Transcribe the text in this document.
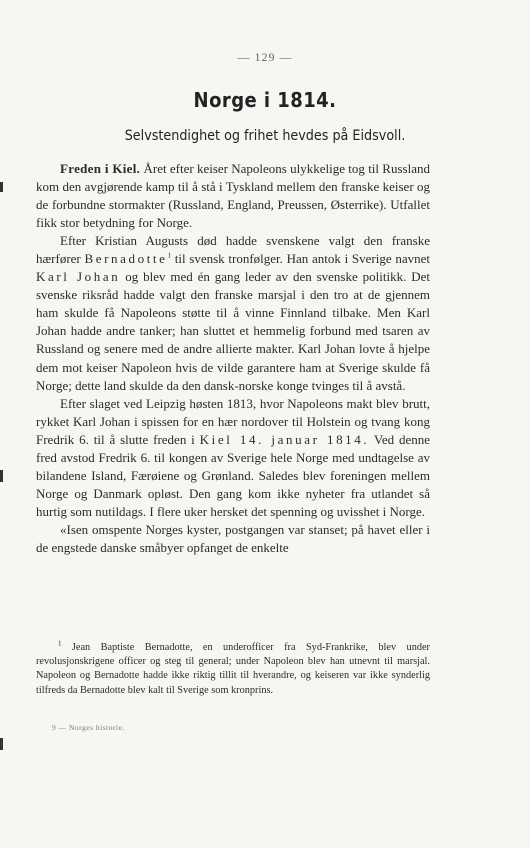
— 129 —
Norge i 1814.
Selvstendighet og frihet hevdes på Eidsvoll.

Freden i Kiel. Året efter keiser Napoleons ulykkelige tog til Russland kom den avgjørende kamp til å stå i Tyskland mellem den franske keiser og de forbundne stormakter (Russland, England, Preussen, Østerrike). Utfallet fikk stor betydning for Norge.

Efter Kristian Augusts død hadde svenskene valgt den franske hærfører Bernadotte$^1$ til svensk tronfølger. Han antok i Sverige navnet Karl Johan og blev med én gang leder av den svenske politikk. Det svenske riksråd hadde valgt den franske marsjal i den tro at de gjennem ham skulde få Napoleons støtte til å vinne Finnland tilbake. Men Karl Johan hadde andre tanker; han sluttet et hemmelig forbund med tsaren av Russland og senere med de andre allierte makter. Karl Johan lovte å hjelpe dem mot keiser Napoleon hvis de vilde garantere ham at Sverige skulde få Norge; dette land skulde da den dansk-norske konge tvinges til å avstå.

Efter slaget ved Leipzig høsten 1813, hvor Napoleons makt blev brutt, rykket Karl Johan i spissen for en hær nordover til Holstein og tvang kong Fredrik 6. til å slutte freden i Kiel 14. januar 1814. Ved denne fred avstod Fredrik 6. til kongen av Sverige hele Norge med undtagelse av bilandene Island, Færøiene og Grønland. Saledes blev foreningen mellem Norge og Danmark opløst. Den gang kom ikke nyheter fra utlandet så hurtig som nutildags. I flere uker hersket det spenning og uvisshet i Norge.

«Isen omspente Norges kyster, postgangen var stanset; på havet eller i de engstede danske småbyer opfanget de enkelte

$^1$ Jean Baptiste Bernadotte, en underofficer fra Syd-Frankrike, blev under revolusjonskrigene officer og steg til general; under Napoleon blev han utnevnt til marsjal. Napoleon og Bernadotte hadde ikke riktig tillit til hverandre, og keiseren var ikke synderlig tilfreds da Bernadotte blev kalt til Sverige som kronprins.

9 — Norges historie.
